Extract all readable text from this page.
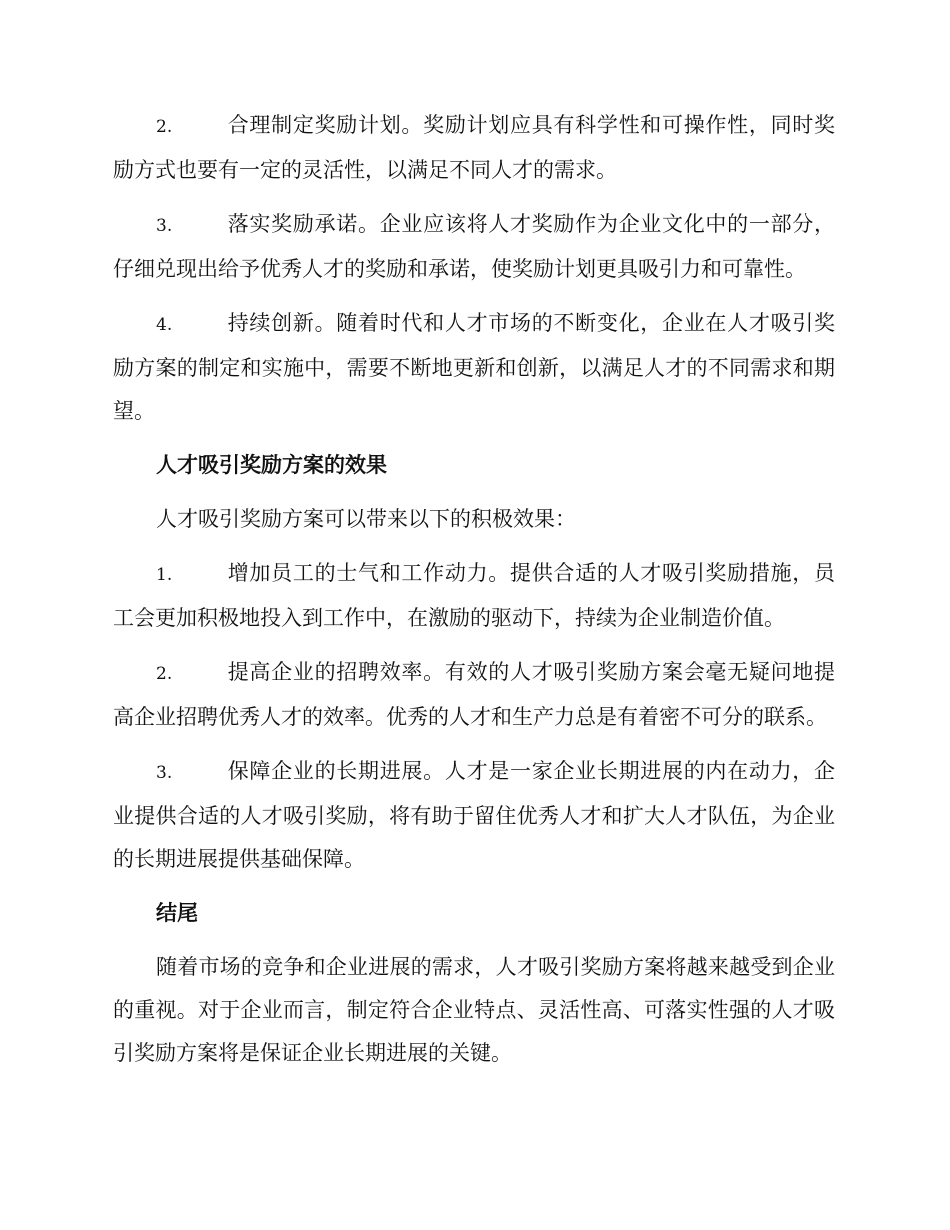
2.	合理制定奖励计划。奖励计划应具有科学性和可操作性，同时奖励方式也要有一定的灵活性，以满足不同人才的需求。

3.	落实奖励承诺。企业应该将人才奖励作为企业文化中的一部分，仔细兑现出给予优秀人才的奖励和承诺，使奖励计划更具吸引力和可靠性。

4.	持续创新。随着时代和人才市场的不断变化，企业在人才吸引奖励方案的制定和实施中，需要不断地更新和创新，以满足人才的不同需求和期望。

人才吸引奖励方案的效果

人才吸引奖励方案可以带来以下的积极效果：

1.	增加员工的士气和工作动力。提供合适的人才吸引奖励措施，员工会更加积极地投入到工作中，在激励的驱动下，持续为企业制造价值。

2.	提高企业的招聘效率。有效的人才吸引奖励方案会毫无疑问地提高企业招聘优秀人才的效率。优秀的人才和生产力总是有着密不可分的联系。

3.	保障企业的长期进展。人才是一家企业长期进展的内在动力，企业提供合适的人才吸引奖励，将有助于留住优秀人才和扩大人才队伍，为企业的长期进展提供基础保障。

结尾

随着市场的竞争和企业进展的需求，人才吸引奖励方案将越来越受到企业的重视。对于企业而言，制定符合企业特点、灵活性高、可落实性强的人才吸引奖励方案将是保证企业长期进展的关键。
